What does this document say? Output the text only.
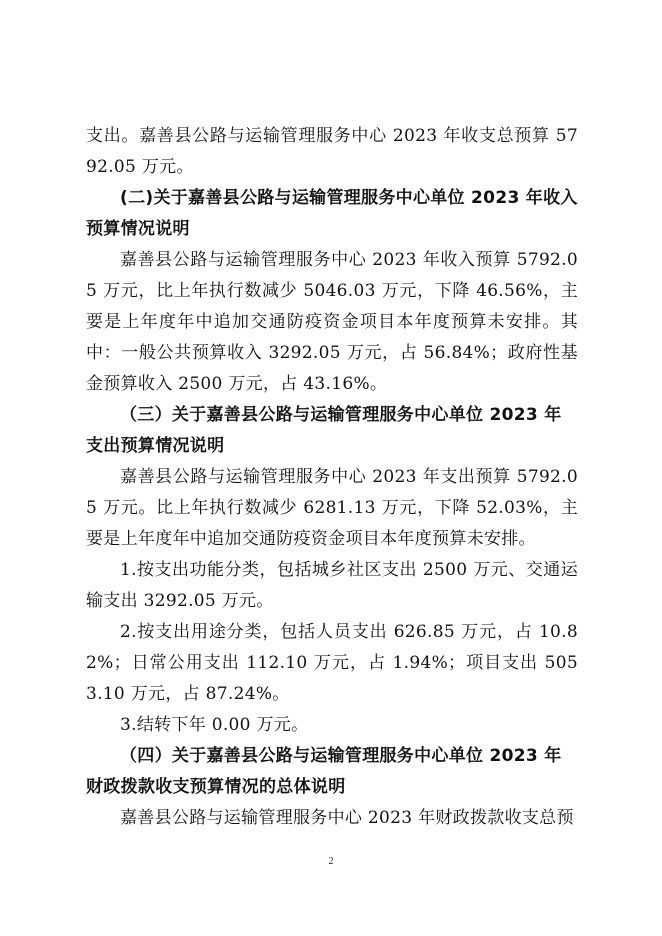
支出。嘉善县公路与运输管理服务中心 2023 年收支总预算 5792.05 万元。

(二)关于嘉善县公路与运输管理服务中心单位 2023 年收入预算情况说明

嘉善县公路与运输管理服务中心 2023 年收入预算 5792.05 万元，比上年执行数减少 5046.03 万元，下降 46.56%，主要是上年度年中追加交通防疫资金项目本年度预算未安排。其中：一般公共预算收入 3292.05 万元，占 56.84%；政府性基金预算收入 2500 万元，占 43.16%。

（三）关于嘉善县公路与运输管理服务中心单位 2023 年支出预算情况说明

嘉善县公路与运输管理服务中心 2023 年支出预算 5792.05 万元。比上年执行数减少 6281.13 万元，下降 52.03%，主要是上年度年中追加交通防疫资金项目本年度预算未安排。

1.按支出功能分类，包括城乡社区支出 2500 万元、交通运输支出 3292.05 万元。

2.按支出用途分类，包括人员支出 626.85 万元，占 10.82%；日常公用支出 112.10 万元，占 1.94%；项目支出 5053.10 万元，占 87.24%。

3.结转下年 0.00 万元。

（四）关于嘉善县公路与运输管理服务中心单位 2023 年财政拨款收支预算情况的总体说明

嘉善县公路与运输管理服务中心 2023 年财政拨款收支总预

2
